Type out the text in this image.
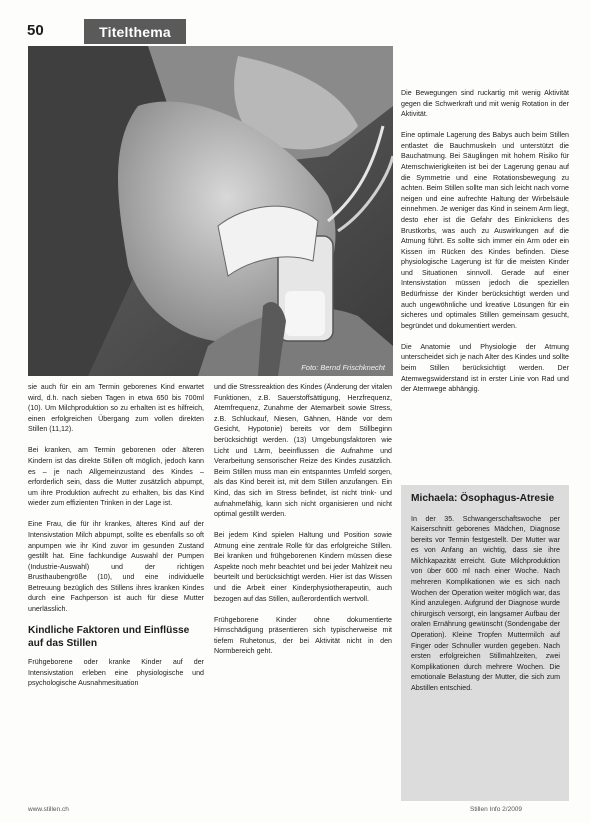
50	Titelthema
Foto: Bernd Frischknecht

sie auch für ein am Termin geborenes Kind erwartet wird, d.h. nach sieben Tagen in etwa 650 bis 700ml (10). Um Milchproduktion so zu erhalten ist es hilfreich, einen erfolgreichen Übergang zum vollen direkten Stillen (11,12).

Bei kranken, am Termin geborenen oder älteren Kindern ist das direkte Stillen oft möglich, jedoch kann es – je nach Allgemeinzustand des Kindes – erforderlich sein, dass die Mutter zusätzlich abpumpt, um ihre Produktion aufrecht zu erhalten, bis das Kind wieder zum effizienten Trinken in der Lage ist.

Eine Frau, die für ihr krankes, älteres Kind auf der Intensivstation Milch abpumpt, sollte es ebenfalls so oft anpumpen wie ihr Kind zuvor im gesunden Zustand gestillt hat. Eine fachkundige Auswahl der Pumpen (Industrie-Auswahl) und der richtigen Brusthaubengröße (10), und eine individuelle Betreuung bezüglich des Stillens ihres kranken Kindes durch eine Fachperson ist auch für diese Mutter unerlässlich.

Kindliche Faktoren und Einflüsse auf das Stillen

Frühgeborene oder kranke Kinder auf der Intensivstation erleben eine physiologische und psychologische Ausnahmesituation

und die Stressreaktion des Kindes (Änderung der vitalen Funktionen, z.B. Sauerstoffsättigung, Herzfrequenz, Atemfrequenz, Zunahme der Atemarbeit sowie Stress, z.B. Schluckauf, Niesen, Gähnen, Hände vor dem Gesicht, Hypotonie) bereits vor dem Stillbeginn berücksichtigt werden. (13) Umgebungsfaktoren wie Licht und Lärm, beeinflussen die Aufnahme und Verarbeitung sensorischer Reize des Kindes zusätzlich. Beim Stillen muss man ein entspanntes Umfeld sorgen, als das Kind bereit ist, mit dem Stillen anzufangen. Ein Kind, das sich im Stress befindet, ist nicht trink- und aufnahmefähig, kann sich nicht organisieren und nicht optimal gestillt werden.

Bei jedem Kind spielen Haltung und Position sowie Atmung eine zentrale Rolle für das erfolgreiche Stillen. Bei kranken und frühgeborenen Kindern müssen diese Aspekte noch mehr beachtet und bei jeder Mahlzeit neu beurteilt und berücksichtigt werden. Hier ist das Wissen und die Arbeit einer Kinderphysiotherapeutin, auch bezogen auf das Stillen, außerordentlich wertvoll.

Frühgeborene Kinder ohne dokumentierte Hirnschädigung präsentieren sich typischerweise mit tiefem Ruhetonus, der bei Aktivität nicht in den Normbereich geht.

Die Bewegungen sind ruckartig mit wenig Aktivität gegen die Schwerkraft und mit wenig Rotation in der Aktivität.

Eine optimale Lagerung des Babys auch beim Stillen entlastet die Bauchmuskeln und unterstützt die Bauchatmung. Bei Säuglingen mit hohem Risiko für Atemschwierigkeiten ist bei der Lagerung genau auf die Symmetrie und eine Rotationsbewegung zu achten. Beim Stillen sollte man sich leicht nach vorne neigen und eine aufrechte Haltung der Wirbelsäule einnehmen. Je weniger das Kind in seinem Arm liegt, desto eher ist die Gefahr des Einknickens des Brustkorbs, was auch zu Auswirkungen auf die Atmung führt. Es sollte sich immer ein Arm oder ein Kissen im Rücken des Kindes befinden. Diese physiologische Lagerung ist für die meisten Kinder und Situationen sinnvoll. Gerade auf einer Intensivstation müssen jedoch die speziellen Bedürfnisse der Kinder berücksichtigt werden und auch ungewöhnliche und kreative Lösungen für ein sicheres und optimales Stillen gemeinsam gesucht, begründet und dokumentiert werden.

Die Anatomie und Physiologie der Atmung unterscheidet sich je nach Alter des Kindes und sollte beim Stillen berücksichtigt werden. Der Atemwegswiderstand ist in erster Linie von Rad und der Atemwege abhängig.

Michaela: Ösophagus-Atresie
In der 35. Schwangerschaftswoche per Kaiserschnitt geborenes Mädchen, Diagnose bereits vor Termin festgestellt. Der Mutter war es von Anfang an wichtig, dass sie ihre Milchkapazität erreicht. Gute Milchproduktion von über 600 ml nach einer Woche. Nach mehreren Komplikationen wie es sich nach Wochen der Operation weiter möglich war, das Kind anzulegen. Aufgrund der Diagnose wurde chirurgisch versorgt, ein langsamer Aufbau der oralen Ernährung gewünscht (Sondengabe der Operation). Kleine Tropfen Muttermilch auf Finger oder Schnuller wurden gegeben. Nach ersten erfolgreichen Stillmahlzeiten, zwei Komplikationen durch mehrere Wochen. Die emotionale Belastung der Mutter, die sich zum Abstillen entschied.
www.stillen.ch	Stillen Info 2/2009
